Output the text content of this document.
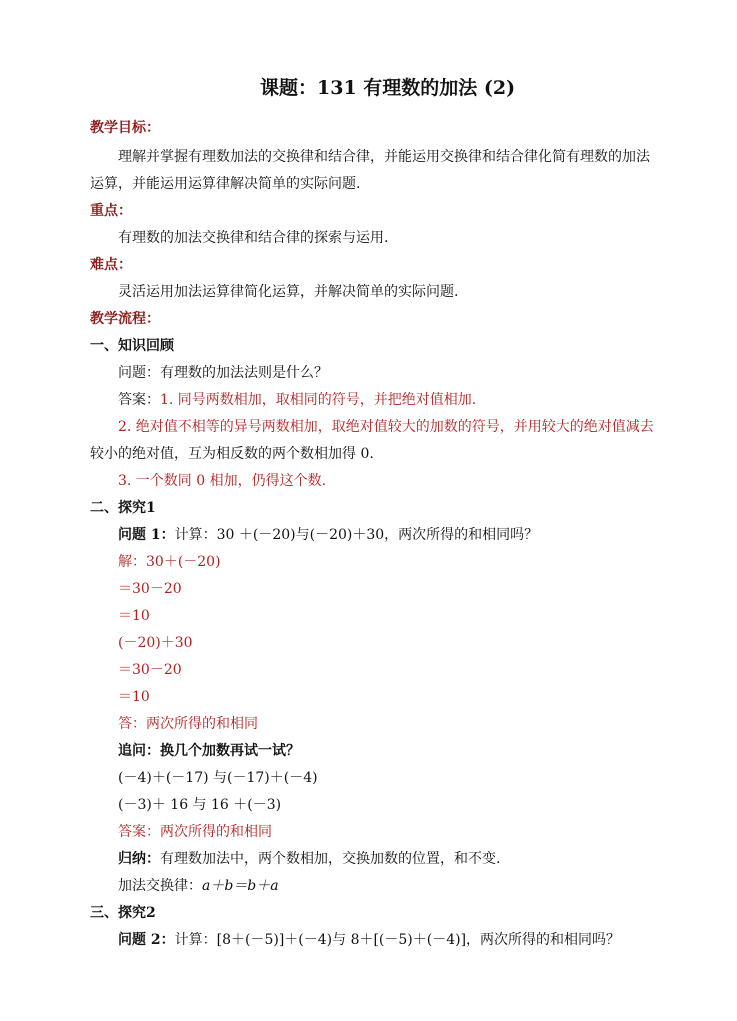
课题：131 有理数的加法 (2)
教学目标：
理解并掌握有理数加法的交换律和结合律，并能运用交换律和结合律化简有理数的加法
运算，并能运用运算律解决简单的实际问题.
重点：
有理数的加法交换律和结合律的探索与运用.
难点：
灵活运用加法运算律简化运算，并解决简单的实际问题.
教学流程：
一、知识回顾
问题：有理数的加法法则是什么？
答案：1. 同号两数相加，取相同的符号，并把绝对值相加.
2. 绝对值不相等的异号两数相加，取绝对值较大的加数的符号，并用较大的绝对值减去
较小的绝对值，互为相反数的两个数相加得 0.
3. 一个数同 0 相加，仍得这个数.
二、探究1
问题 1：计算：30 ＋(－20)与(－20)＋30，两次所得的和相同吗？
解：30＋(－20)
＝30－20
＝10
(－20)＋30
＝30－20
＝10
答：两次所得的和相同
追问：换几个加数再试一试？
(－4)＋(－17) 与(－17)＋(－4)
(－3)＋ 16 与 16 ＋(－3)
答案：两次所得的和相同
归纳：有理数加法中，两个数相加，交换加数的位置，和不变.
加法交换律：a＋b＝b＋a
三、探究2
问题 2：计算：[8＋(－5)]＋(－4)与 8＋[(－5)＋(－4)]，两次所得的和相同吗？
